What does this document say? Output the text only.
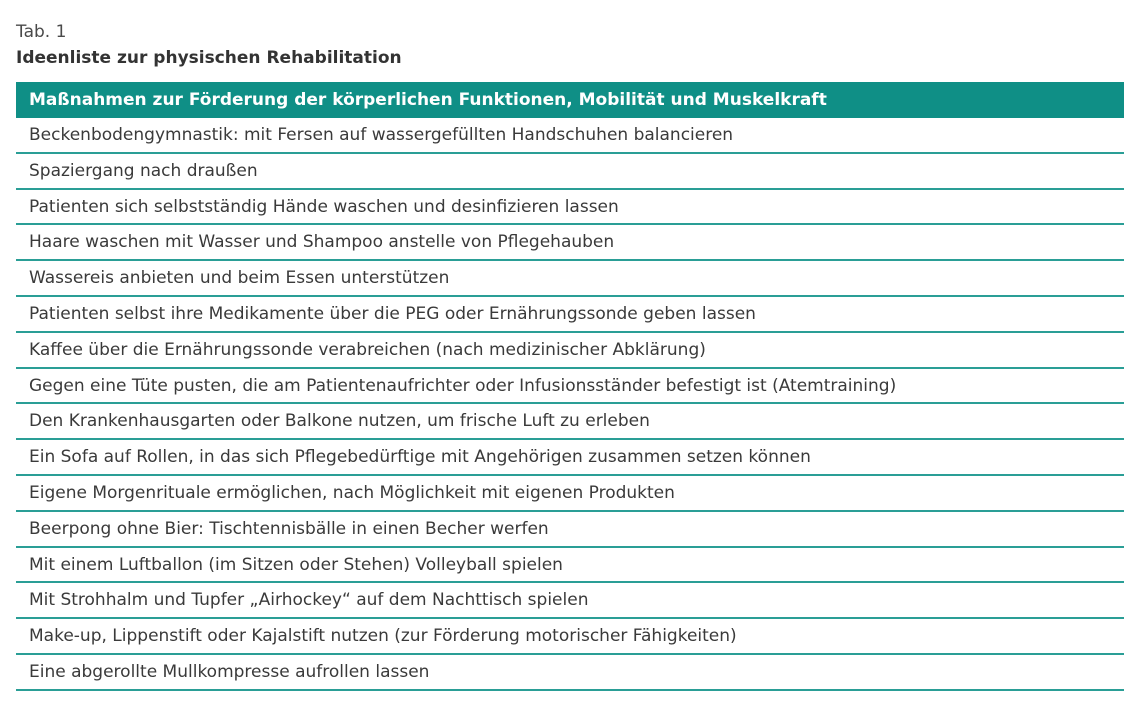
Tab. 1
Ideenliste zur physischen Rehabilitation
Maßnahmen zur Förderung der körperlichen Funktionen, Mobilität und Muskelkraft
Beckenbodengymnastik: mit Fersen auf wassergefüllten Handschuhen balancieren
Spaziergang nach draußen
Patienten sich selbstständig Hände waschen und desinfizieren lassen
Haare waschen mit Wasser und Shampoo anstelle von Pflegehauben
Wassereis anbieten und beim Essen unterstützen
Patienten selbst ihre Medikamente über die PEG oder Ernährungssonde geben lassen
Kaffee über die Ernährungssonde verabreichen (nach medizinischer Abklärung)
Gegen eine Tüte pusten, die am Patientenaufrichter oder Infusionsständer befestigt ist (Atemtraining)
Den Krankenhausgarten oder Balkone nutzen, um frische Luft zu erleben
Ein Sofa auf Rollen, in das sich Pflegebedürftige mit Angehörigen zusammen setzen können
Eigene Morgenrituale ermöglichen, nach Möglichkeit mit eigenen Produkten
Beerpong ohne Bier: Tischtennisbälle in einen Becher werfen
Mit einem Luftballon (im Sitzen oder Stehen) Volleyball spielen
Mit Strohhalm und Tupfer „Airhockey“ auf dem Nachttisch spielen
Make-up, Lippenstift oder Kajalstift nutzen (zur Förderung motorischer Fähigkeiten)
Eine abgerollte Mullkompresse aufrollen lassen
